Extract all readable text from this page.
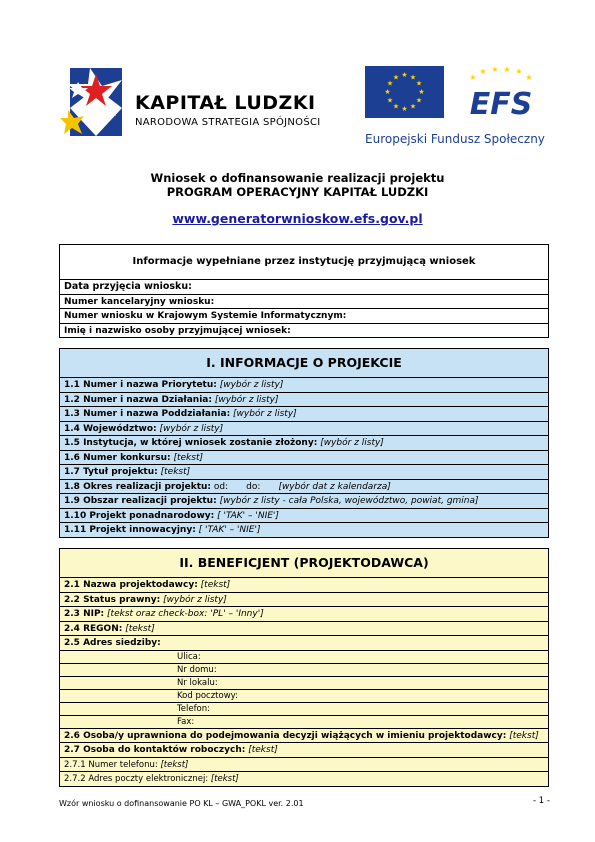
KAPITAŁ LUDZKI
NARODOWA STRATEGIA SPÓJNOŚCI
★ ★
★
★
★
★
★
★
★
★
★
★	★
★ ★ ★ ★
★
EFS
Europejski Fundusz Społeczny
Wniosek o dofinansowanie realizacji projektu
PROGRAM OPERACYJNY KAPITAŁ LUDZKI
www.generatorwnioskow.efs.gov.pl
Informacje wypełniane przez instytucję przyjmującą wniosek
Data przyjęcia wniosku:
Numer kancelaryjny wniosku:
Numer wniosku w Krajowym Systemie Informatycznym:
Imię i nazwisko osoby przyjmującej wniosek:
I. INFORMACJE O PROJEKCIE
1.1 Numer i nazwa Priorytetu: [wybór z listy]
1.2 Numer i nazwa Działania: [wybór z listy]
1.3 Numer i nazwa Poddziałania: [wybór z listy]
1.4 Województwo: [wybór z listy]
1.5 Instytucja, w której wniosek zostanie złożony: [wybór z listy]
1.6 Numer konkursu: [tekst]
1.7 Tytuł projektu: [tekst]
1.8 Okres realizacji projektu: od: do: [wybór dat z kalendarza]
1.9 Obszar realizacji projektu: [wybór z listy - cała Polska, województwo, powiat, gmina]
1.10 Projekt ponadnarodowy: [ 'TAK' – 'NIE']
1.11 Projekt innowacyjny: [ 'TAK' – 'NIE']
II. BENEFICJENT (PROJEKTODAWCA)
2.1 Nazwa projektodawcy: [tekst]
2.2 Status prawny: [wybór z listy]
2.3 NIP: [tekst oraz check-box: 'PL' – 'Inny']
2.4 REGON: [tekst]
2.5 Adres siedziby:
Ulica:
Nr domu:
Nr lokalu:
Kod pocztowy:
Telefon:
Fax:
2.6 Osoba/y uprawniona do podejmowania decyzji wiążących w imieniu projektodawcy: [tekst]
2.7 Osoba do kontaktów roboczych: [tekst]
2.7.1 Numer telefonu: [tekst]
2.7.2 Adres poczty elektronicznej: [tekst]
Wzór wniosku o dofinansowanie PO KL – GWA_POKL ver. 2.01	- 1 -
